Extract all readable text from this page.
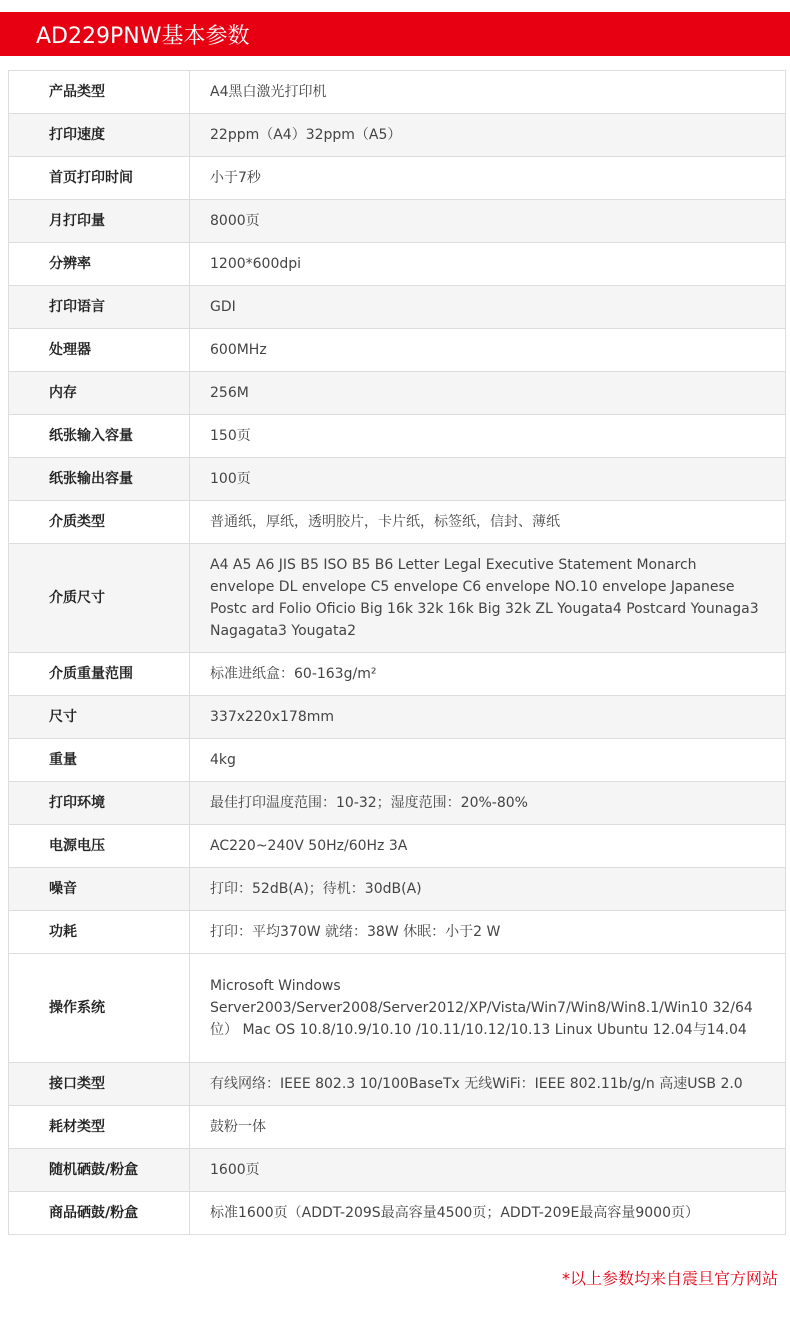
AD229PNW基本参数
产品类型	A4黑白激光打印机
打印速度	22ppm（A4）32ppm（A5）
首页打印时间	小于7秒
月打印量	8000页
分辨率	1200*600dpi
打印语言	GDI
处理器	600MHz
内存	256M
纸张输入容量	150页
纸张输出容量	100页
介质类型	普通纸，厚纸，透明胶片，卡片纸，标签纸，信封、薄纸
介质尺寸	A4 A5 A6 JIS B5 ISO B5 B6 Letter Legal Executive Statement Monarch envelope DL envelope C5 envelope C6 envelope NO.10 envelope Japanese Postc ard Folio Oficio Big 16k 32k 16k Big 32k ZL Yougata4 Postcard Younaga3 Nagagata3 Yougata2
介质重量范围	标准进纸盒：60-163g/m²
尺寸	337x220x178mm
重量	4kg
打印环境	最佳打印温度范围：10-32；湿度范围：20%-80%
电源电压	AC220~240V 50Hz/60Hz 3A
噪音	打印：52dB(A)；待机：30dB(A)
功耗	打印：平均370W 就绪：38W 休眠：小于2 W
操作系统	Microsoft Windows Server2003/Server2008/Server2012/XP/Vista/Win7/Win8/Win8.1/Win10 32/64 位） Mac OS 10.8/10.9/10.10 /10.11/10.12/10.13 Linux Ubuntu 12.04与14.04
接口类型	有线网络：IEEE 802.3 10/100BaseTx 无线WiFi：IEEE 802.11b/g/n 高速USB 2.0
耗材类型	鼓粉一体
随机硒鼓/粉盒	1600页
商品硒鼓/粉盒	标准1600页（ADDT-209S最高容量4500页；ADDT-209E最高容量9000页）
*以上参数均来自震旦官方网站
